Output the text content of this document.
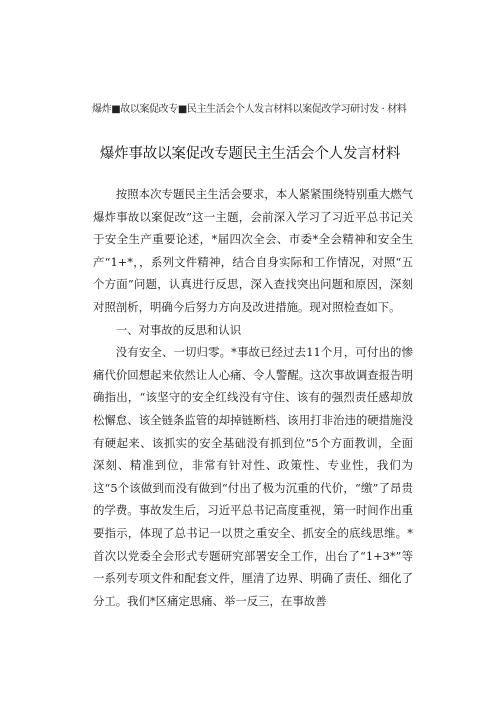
爆炸■故以案促改专■民主生活会个人发言材料以案促改学习研讨发 · 材料
爆炸事故以案促改专题民主生活会个人发言材料

按照本次专题民主生活会要求，本人紧紧围绕特别重大燃气爆炸事故以案促改”这一主题，会前深入学习了习近平总书记关于安全生产重要论述，*届四次全会、市委*全会精神和安全生产“1+*，，系列文件精神，结合自身实际和工作情况，对照“五个方面”问题，认真进行反思，深入查找突出问题和原因，深刻对照剖析，明确今后努力方向及改进措施。现对照检查如下。

一、对事故的反思和认识

没有安全、一切归零。*事故已经过去11个月，可付出的惨痛代价回想起来依然让人心痛、令人警醒。这次事故调查报告明确指出，“该坚守的安全红线没有守住、该有的强烈责任感却放松懈怠、该全链条监管的却掉链断档、该用打非治违的硬措施没有硬起来、该抓实的安全基础没有抓到位”5个方面教训，全面深刻、精准到位，非常有针对性、政策性、专业性，我们为这“5个该做到而没有做到“付出了极为沉重的代价，“缴”了昂贵的学费。事故发生后，习近平总书记高度重视，第一时间作出重要指示，体现了总书记一以贯之重安全、抓安全的底线思维。*首次以党委全会形式专题研究部署安全工作，出台了“1+3*”等一系列专项文件和配套文件，厘清了边界、明确了责任、细化了分工。我们*区痛定思痛、举一反三，在事故善
